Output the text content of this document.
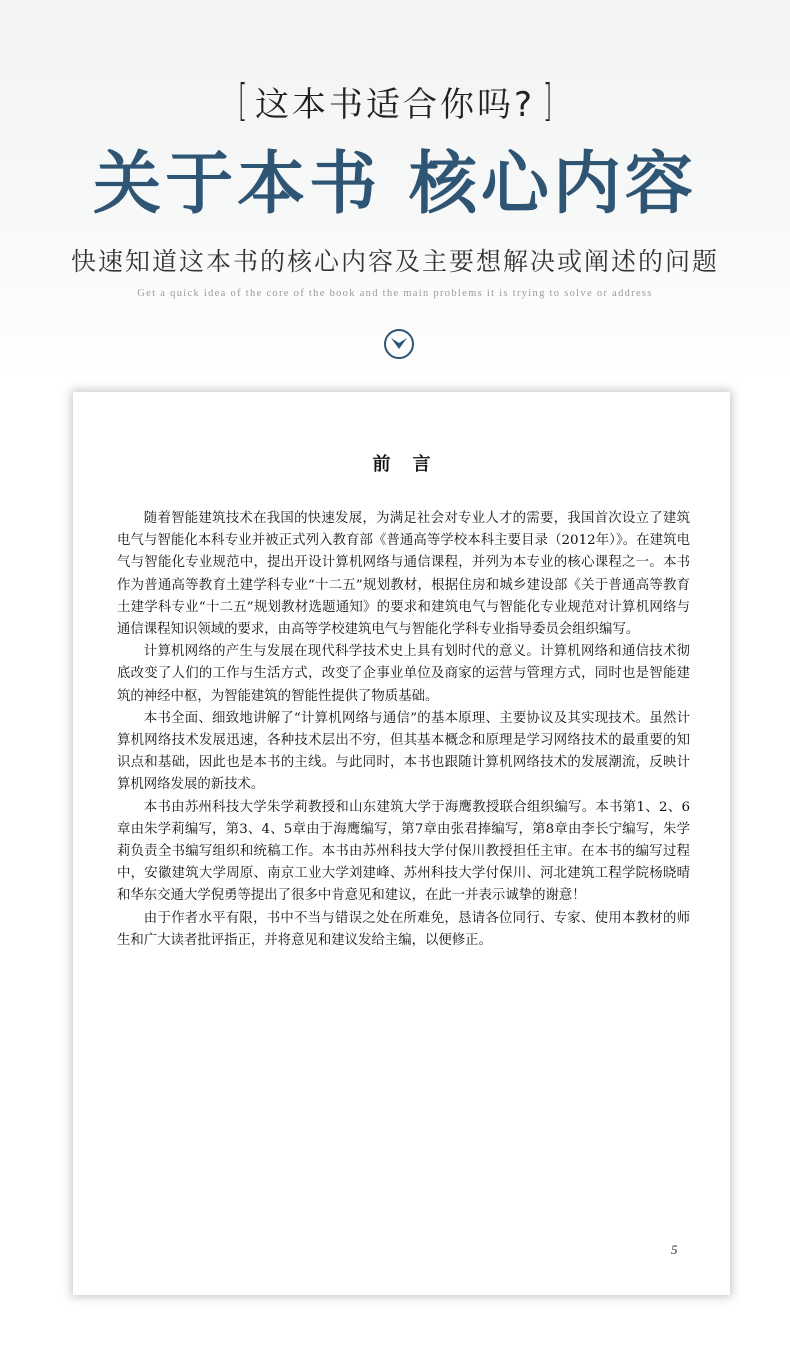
[ 这本书适合你吗? ]
关于本书 核心内容
快速知道这本书的核心内容及主要想解决或阐述的问题
Get a quick idea of the core of the book and the main problems it is trying to solve or address
前言

随着智能建筑技术在我国的快速发展，为满足社会对专业人才的需要，我国首次设立了建筑电气与智能化本科专业并被正式列入教育部《普通高等学校本科主要目录（2012年）》。在建筑电气与智能化专业规范中，提出开设计算机网络与通信课程，并列为本专业的核心课程之一。本书作为普通高等教育土建学科专业“十二五”规划教材，根据住房和城乡建设部《关于普通高等教育土建学科专业“十二五”规划教材选题通知》的要求和建筑电气与智能化专业规范对计算机网络与通信课程知识领域的要求，由高等学校建筑电气与智能化学科专业指导委员会组织编写。

计算机网络的产生与发展在现代科学技术史上具有划时代的意义。计算机网络和通信技术彻底改变了人们的工作与生活方式，改变了企事业单位及商家的运营与管理方式，同时也是智能建筑的神经中枢，为智能建筑的智能性提供了物质基础。

本书全面、细致地讲解了“计算机网络与通信”的基本原理、主要协议及其实现技术。虽然计算机网络技术发展迅速，各种技术层出不穷，但其基本概念和原理是学习网络技术的最重要的知识点和基础，因此也是本书的主线。与此同时，本书也跟随计算机网络技术的发展潮流，反映计算机网络发展的新技术。

本书由苏州科技大学朱学莉教授和山东建筑大学于海鹰教授联合组织编写。本书第1、2、6章由朱学莉编写，第3、4、5章由于海鹰编写，第7章由张君捧编写，第8章由李长宁编写，朱学莉负责全书编写组织和统稿工作。本书由苏州科技大学付保川教授担任主审。在本书的编写过程中，安徽建筑大学周原、南京工业大学刘建峰、苏州科技大学付保川、河北建筑工程学院杨晓晴和华东交通大学倪勇等提出了很多中肯意见和建议，在此一并表示诚挚的谢意！

由于作者水平有限，书中不当与错误之处在所难免，恳请各位同行、专家、使用本教材的师生和广大读者批评指正，并将意见和建议发给主编，以便修正。

5
